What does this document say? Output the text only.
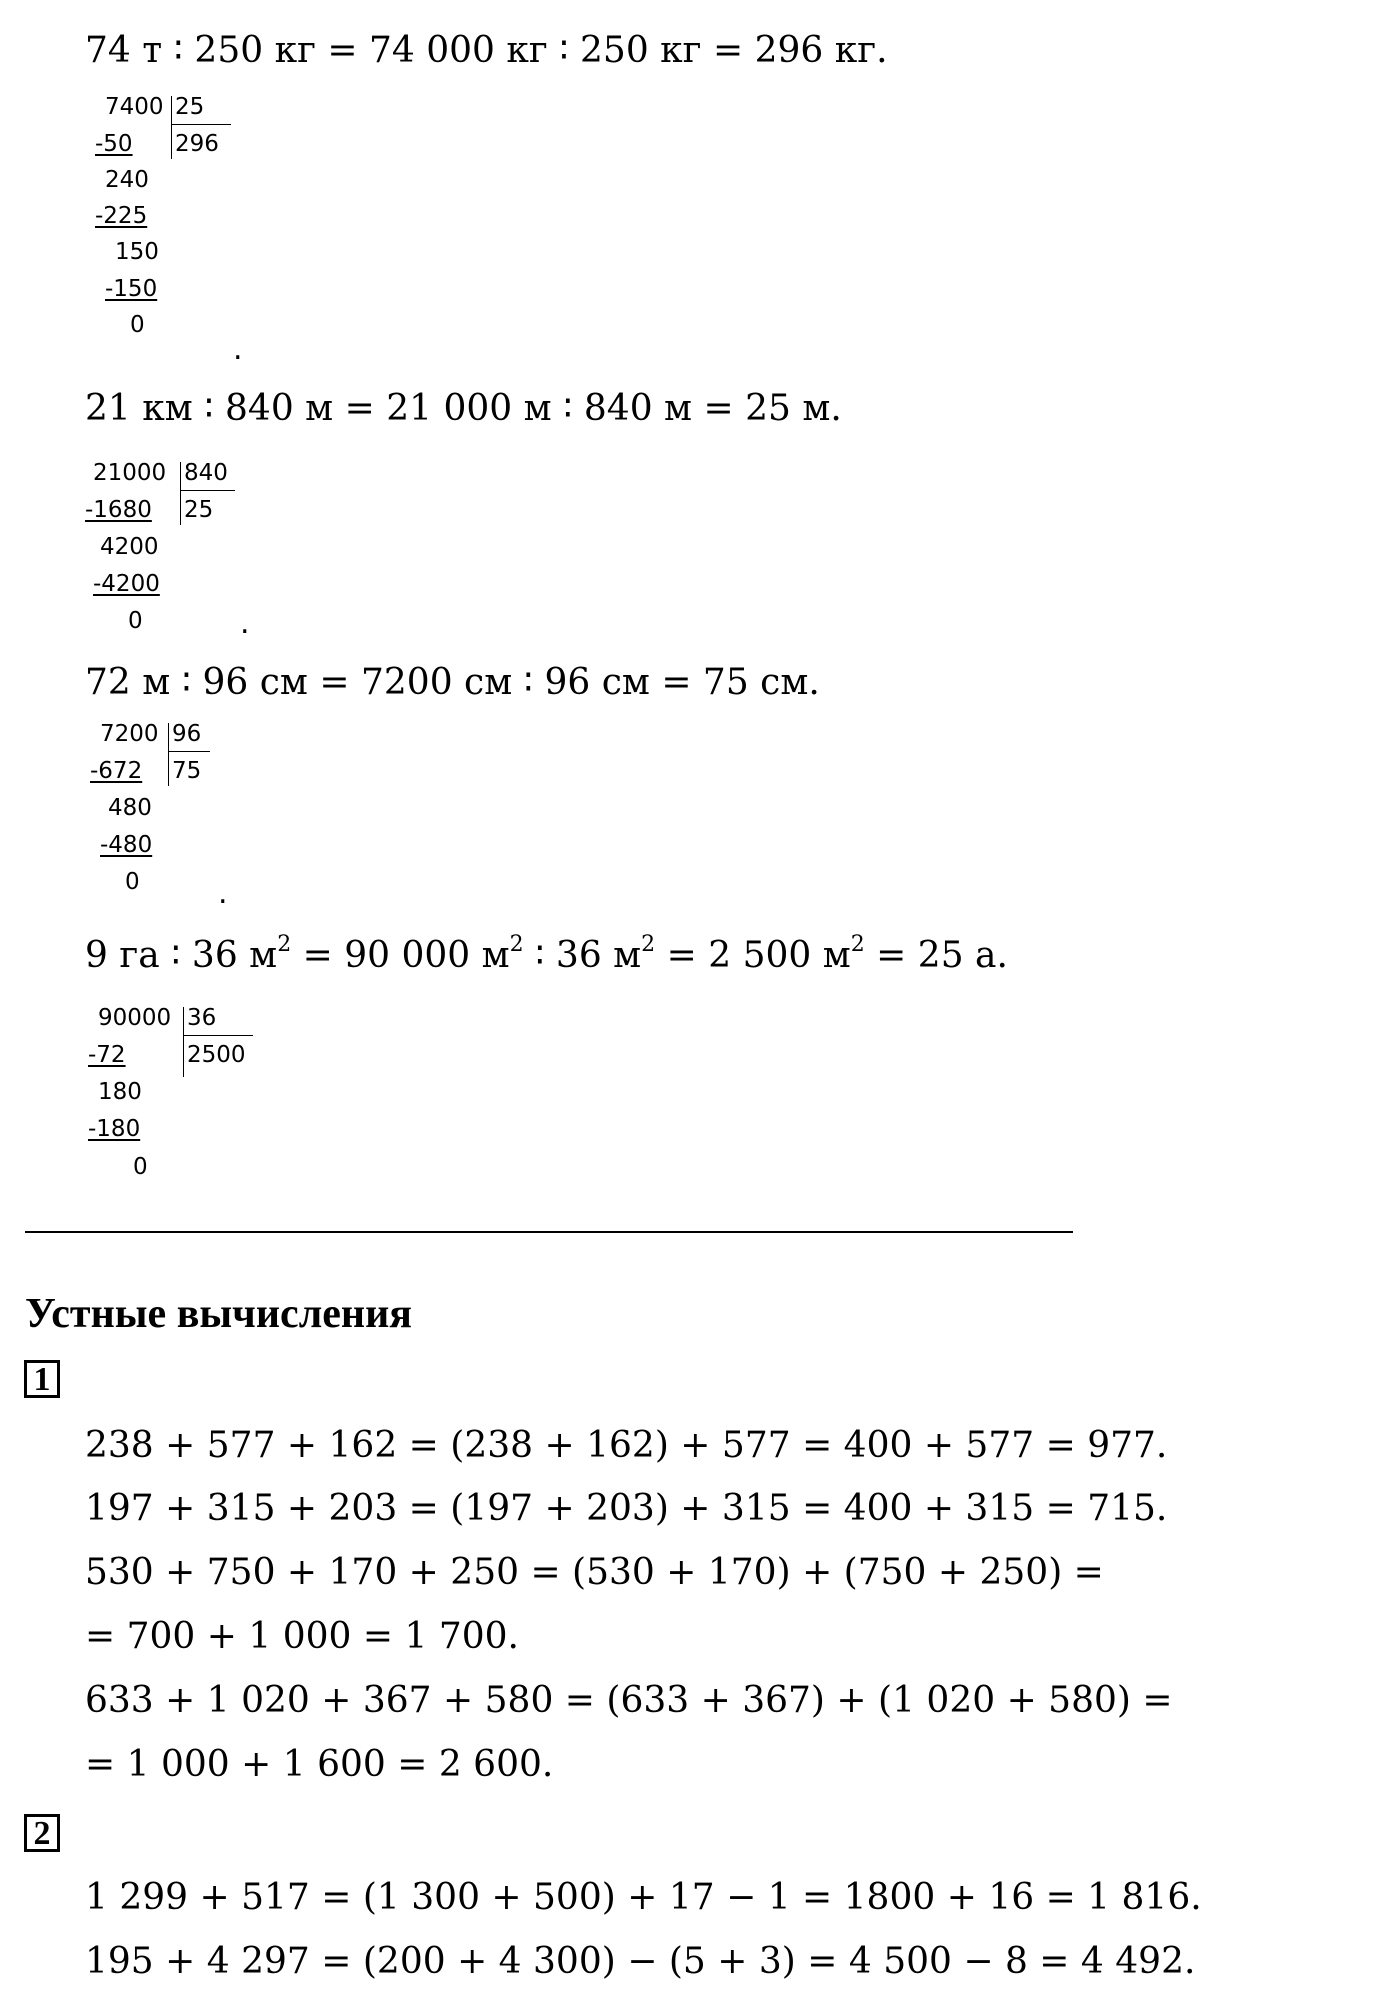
74 т ∶ 250 кг = 74 000 кг ∶ 250 кг = 296 кг.
7400 25
296
-50
240
-225
150
-150
0
.
21 км ∶ 840 м = 21 000 м ∶ 840 м = 25 м.
21000 840
25
-1680
4200
-4200
0	.
72 м ∶ 96 см = 7200 см ∶ 96 см = 75 см.
7200 96
75
-672
480
-480
0	.
9 га ∶ 36 $м^2 = 90$ 000 $м^2$ ∶ 36 $м^2 = 2$ 500 $м^2 = 25$ а.
90000 36
2500
-72
180
-180
0
Устные вычисления
1
238 + 577 + 162 = (238 + 162) + 577 = 400 + 577 = 977.
197 + 315 + 203 = (197 + 203) + 315 = 400 + 315 = 715.
530 + 750 + 170 + 250 = (530 + 170) + (750 + 250) =
= 700 + 1 000 = 1 700.
633 + 1 020 + 367 + 580 = (633 + 367) + (1 020 + 580) =
= 1 000 + 1 600 = 2 600.
2
1 299 + 517 = (1 300 + 500) + 17 − 1 = 1800 + 16 = 1 816.
195 + 4 297 = (200 + 4 300) − (5 + 3) = 4 500 − 8 = 4 492.
